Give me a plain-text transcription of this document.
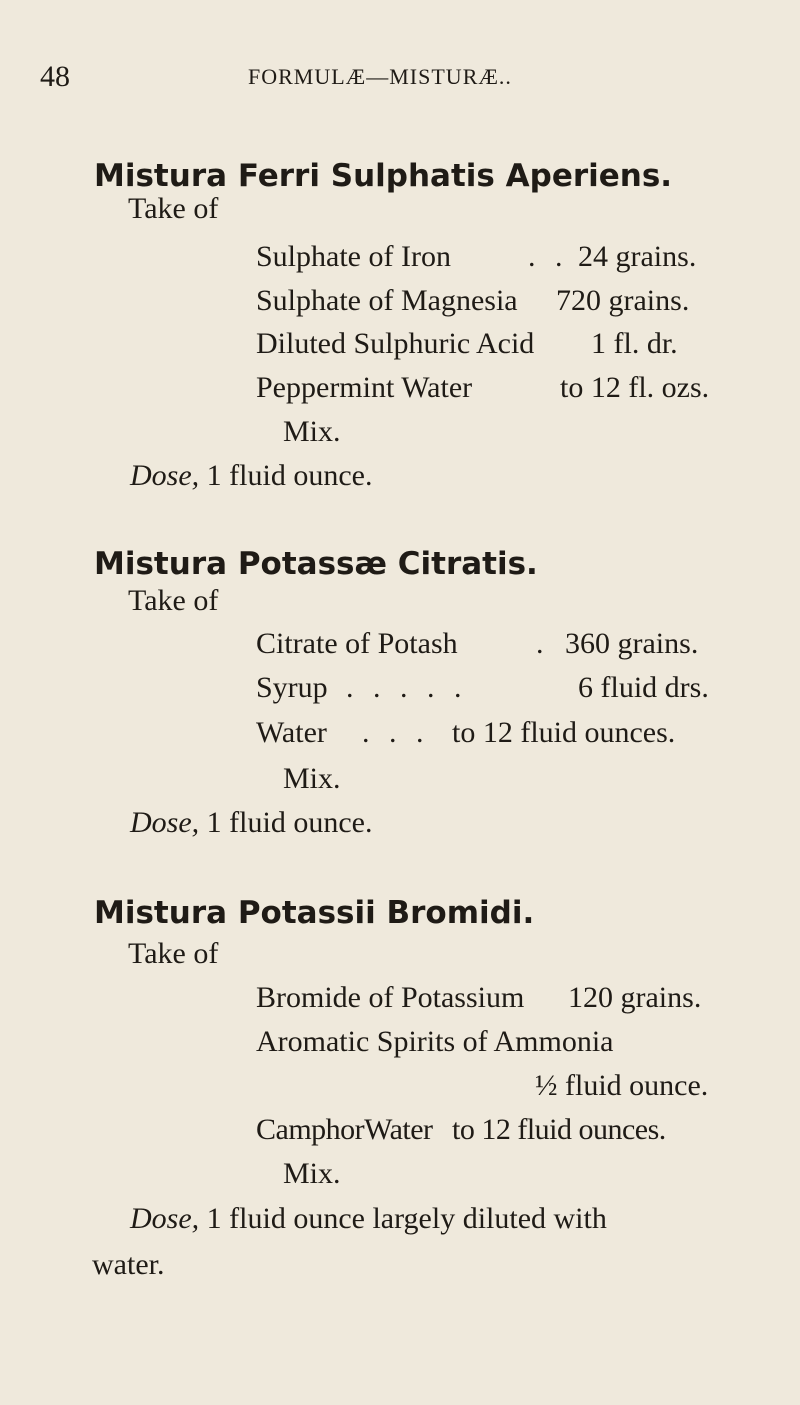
48	FORMULÆ—MISTURÆ..
Mistura Ferri Sulphatis Aperiens.
Take of
Sulphate of Iron	. . 24 grains.
Sulphate of Magnesia 720 grains.
Diluted Sulphuric Acid 1 fl. dr.
Peppermint Water	to 12 fl. ozs.
Mix.
Dose, 1 fluid ounce.
Mistura Potassæ Citratis.
Take of
Citrate of Potash	. 360 grains.
Syrup . . . . .	6 fluid drs.
Water . . . to 12 fluid ounces.
Mix.
Dose, 1 fluid ounce.
Mistura Potassii Bromidi.
Take of
Bromide of Potassium 120 grains.
Aromatic Spirits of Ammonia
½ fluid ounce.
CamphorWater to 12 fluid ounces.
Mix.
Dose, 1 fluid ounce largely diluted with
water.
